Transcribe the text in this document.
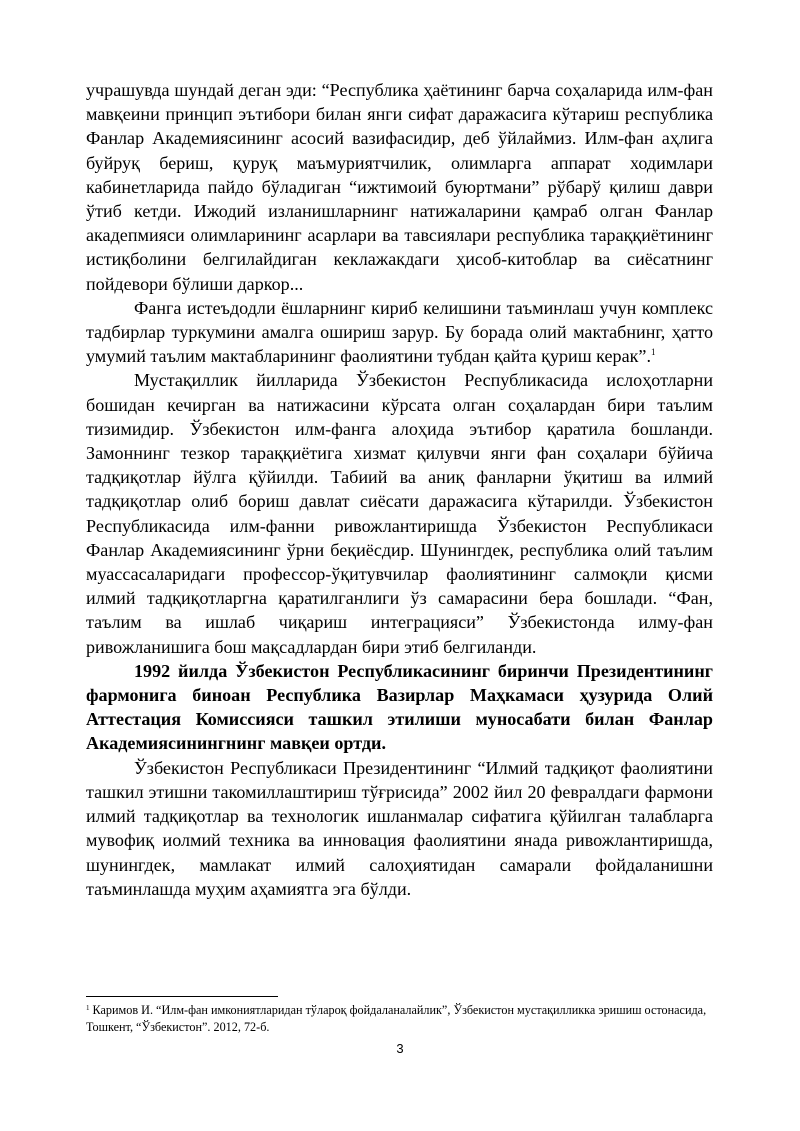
учрашувда шундай деган эди: “Республика ҳаётининг барча соҳаларида илм-фан мавқеини принцип эътибори билан янги сифат даражасига кўтариш республика Фанлар Академиясининг асосий вазифасидир, деб ўйлаймиз. Илм-фан аҳлига буйруқ бериш, қуруқ маъмуриятчилик, олимларга аппарат ходимлари кабинетларида пайдо бўладиган “ижтимоий буюртмани” рўбарў қилиш даври ўтиб кетди. Ижодий изланишларнинг натижаларини қамраб олган Фанлар акадепмияси олимларининг асарлари ва тавсиялари республика тараққиётининг истиқболини белгилайдиган кеклажакдаги ҳисоб-китоблар ва сиёсатнинг пойдевори бўлиши даркор...

Фанга истеъдодли ёшларнинг кириб келишини таъминлаш учун комплекс тадбирлар туркумини амалга ошириш зарур. Бу борада олий мактабнинг, ҳатто умумий таълим мактабларининг фаолиятини тубдан қайта қуриш керак”.$^1$

Мустақиллик йилларида Ўзбекистон Республикасида ислоҳотларни бошидан кечирган ва натижасини кўрсата олган соҳалардан бири таълим тизимидир. Ўзбекистон илм-фанга алоҳида эътибор қаратила бошланди. Замоннинг тезкор тараққиётига хизмат қилувчи янги фан соҳалари бўйича тадқиқотлар йўлга қўйилди. Табиий ва аниқ фанларни ўқитиш ва илмий тадқиқотлар олиб бориш давлат сиёсати даражасига кўтарилди. Ўзбекистон Республикасида илм-фанни ривожлантиришда Ўзбекистон Республикаси Фанлар Академиясининг ўрни беқиёсдир. Шунингдек, республика олий таълим муассасаларидаги профессор-ўқитувчилар фаолиятининг салмоқли қисми илмий тадқиқотларгна қаратилганлиги ўз самарасини бера бошлади. “Фан, таълим ва ишлаб чиқариш интеграцияси” Ўзбекистонда илму-фан ривожланишига бош мақсадлардан бири этиб белгиланди.

1992 йилда Ўзбекистон Республикасининг биринчи Президентининг фармонига биноан Республика Вазирлар Маҳкамаси ҳузурида Олий Аттестация Комиссияси ташкил этилиши муносабати билан Фанлар Академиясинингнинг мавқеи ортди.

Ўзбекистон Республикаси Президентининг “Илмий тадқиқот фаолиятини ташкил этишни такомиллаштириш тўғрисида” 2002 йил 20 февралдаги фармони илмий тадқиқотлар ва технологик ишланмалар сифатига қўйилган талабларга мувофиқ иолмий техника ва инновация фаолиятини янада ривожлантиришда, шунингдек, мамлакат илмий салоҳиятидан самарали фойдаланишни таъминлашда муҳим аҳамиятга эга бўлди.

$^1$ Каримов И. “Илм-фан имкониятларидан тўлароқ фойдаланалайлик”, Ўзбекистон мустақилликка эришиш остонасида, Тошкент, “Ўзбекистон”. 2012, 72-б.
3
